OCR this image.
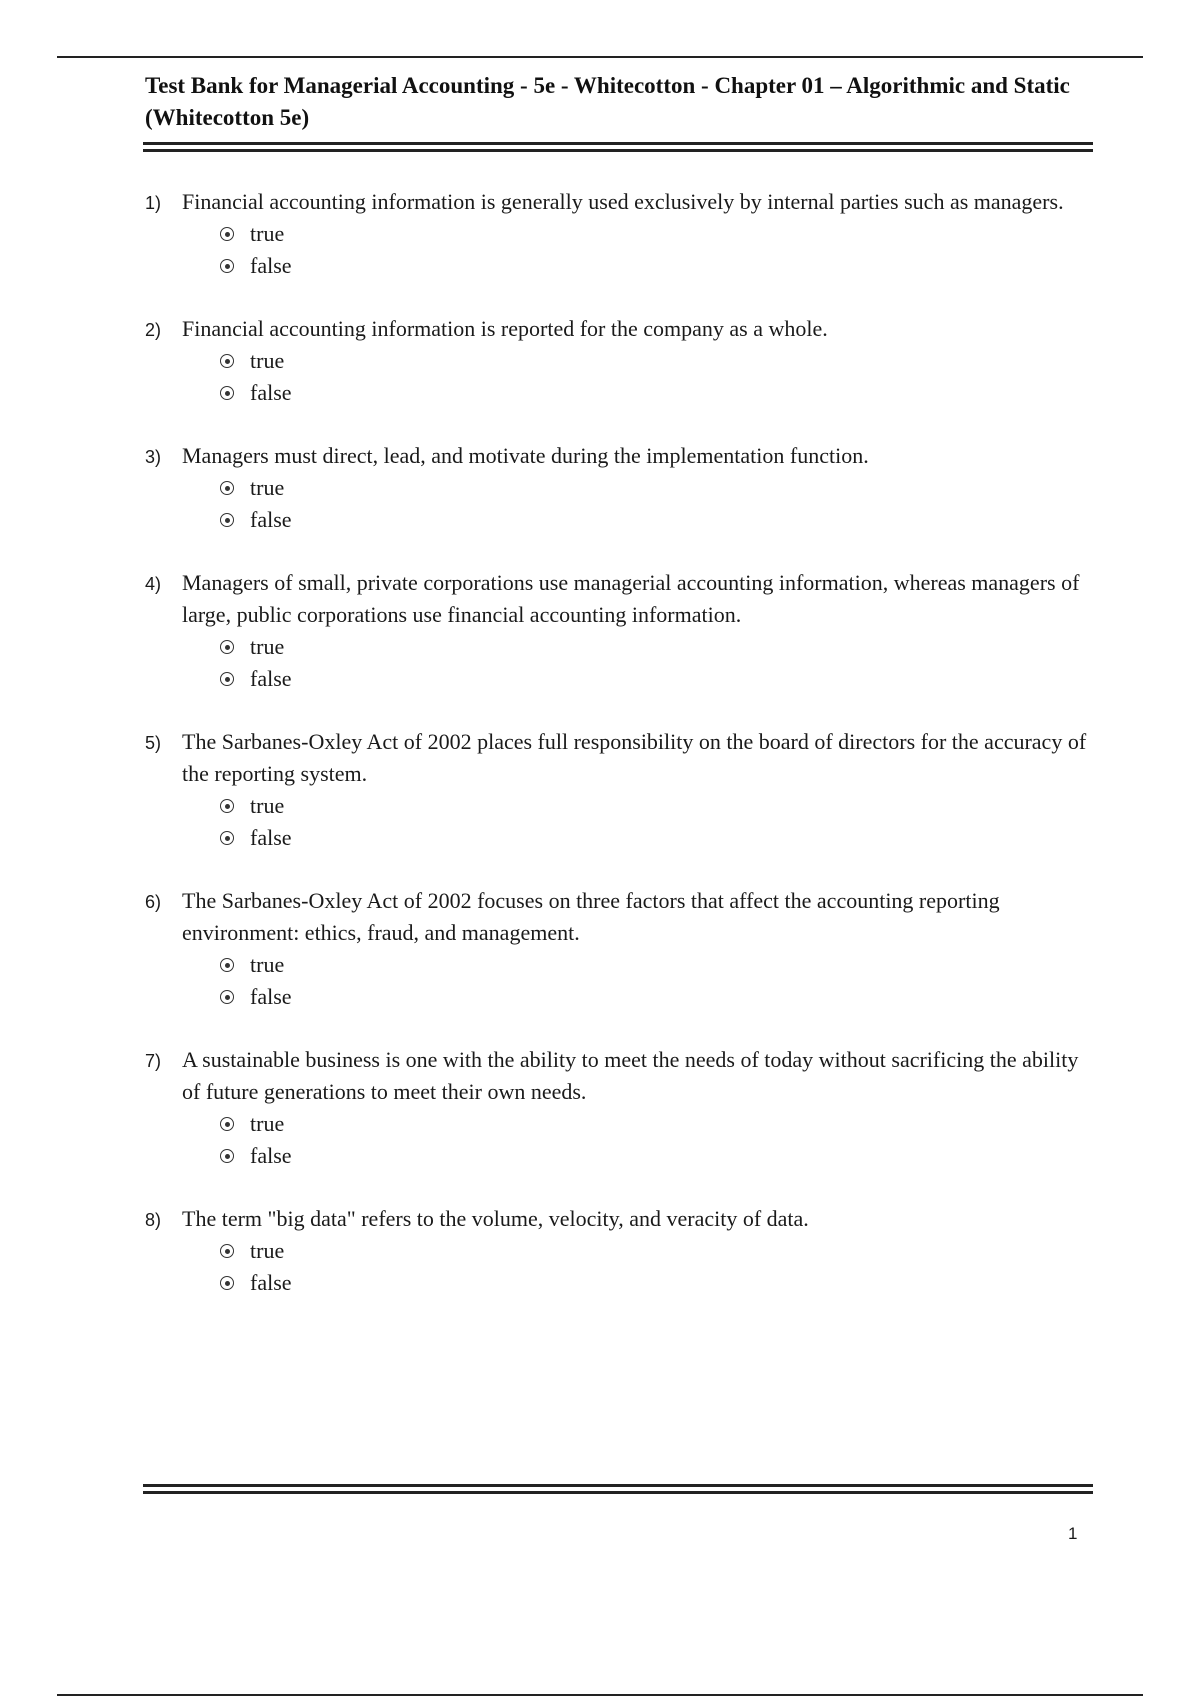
Test Bank for Managerial Accounting - 5e - Whitecotton - Chapter 01 – Algorithmic and Static (Whitecotton 5e)
1) Financial accounting information is generally used exclusively by internal parties such as managers.
true
false
2) Financial accounting information is reported for the company as a whole.
true
false
3) Managers must direct, lead, and motivate during the implementation function.
true
false
4) Managers of small, private corporations use managerial accounting information, whereas managers of large, public corporations use financial accounting information.
true
false
5) The Sarbanes-Oxley Act of 2002 places full responsibility on the board of directors for the accuracy of the reporting system.
true
false
6) The Sarbanes-Oxley Act of 2002 focuses on three factors that affect the accounting reporting environment: ethics, fraud, and management.
true
false
7) A sustainable business is one with the ability to meet the needs of today without sacrificing the ability of future generations to meet their own needs.
true
false
8) The term "big data" refers to the volume, velocity, and veracity of data.
true
false
1
